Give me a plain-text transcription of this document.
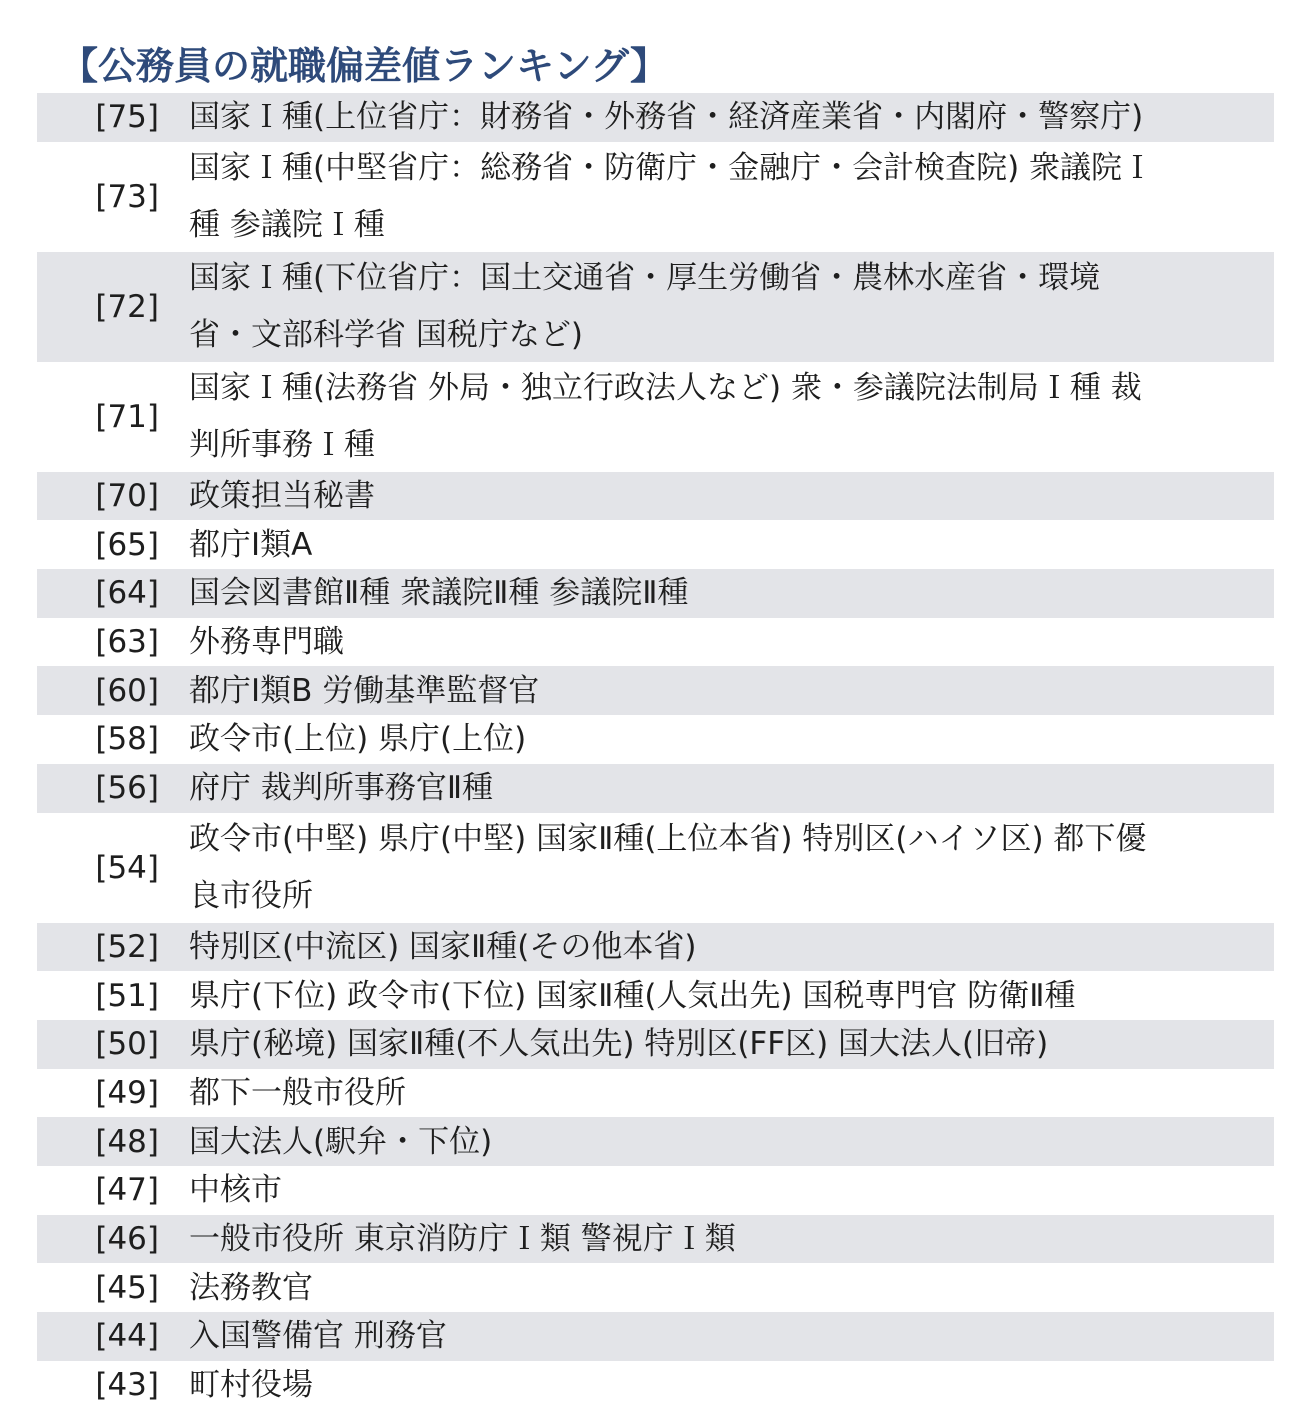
【公務員の就職偏差値ランキング】
[75] 国家Ｉ種(上位省庁：財務省・外務省・経済産業省・内閣府・警察庁)
[73]
国家Ｉ種(中堅省庁：総務省・防衛庁・金融庁・会計検査院) 衆議院Ｉ
種 参議院Ｉ種
[72]
国家Ｉ種(下位省庁：国土交通省・厚生労働省・農林水産省・環境
省・文部科学省 国税庁など)
[71]
国家Ｉ種(法務省 外局・独立行政法人など) 衆・参議院法制局Ｉ種 裁
判所事務Ｉ種
[70] 政策担当秘書
[65] 都庁Ⅰ類A
[64] 国会図書館Ⅱ種 衆議院Ⅱ種 参議院Ⅱ種
[63] 外務専門職
[60] 都庁Ⅰ類B 労働基準監督官
[58] 政令市(上位) 県庁(上位)
[56] 府庁 裁判所事務官Ⅱ種
[54]
政令市(中堅) 県庁(中堅) 国家Ⅱ種(上位本省) 特別区(ハイソ区) 都下優
良市役所
[52] 特別区(中流区) 国家Ⅱ種(その他本省)
[51] 県庁(下位) 政令市(下位) 国家Ⅱ種(人気出先) 国税専門官 防衛Ⅱ種
[50] 県庁(秘境) 国家Ⅱ種(不人気出先) 特別区(FF区) 国大法人(旧帝)
[49] 都下一般市役所
[48] 国大法人(駅弁・下位)
[47] 中核市
[46] 一般市役所 東京消防庁Ｉ類 警視庁Ｉ類
[45] 法務教官
[44] 入国警備官 刑務官
[43] 町村役場
